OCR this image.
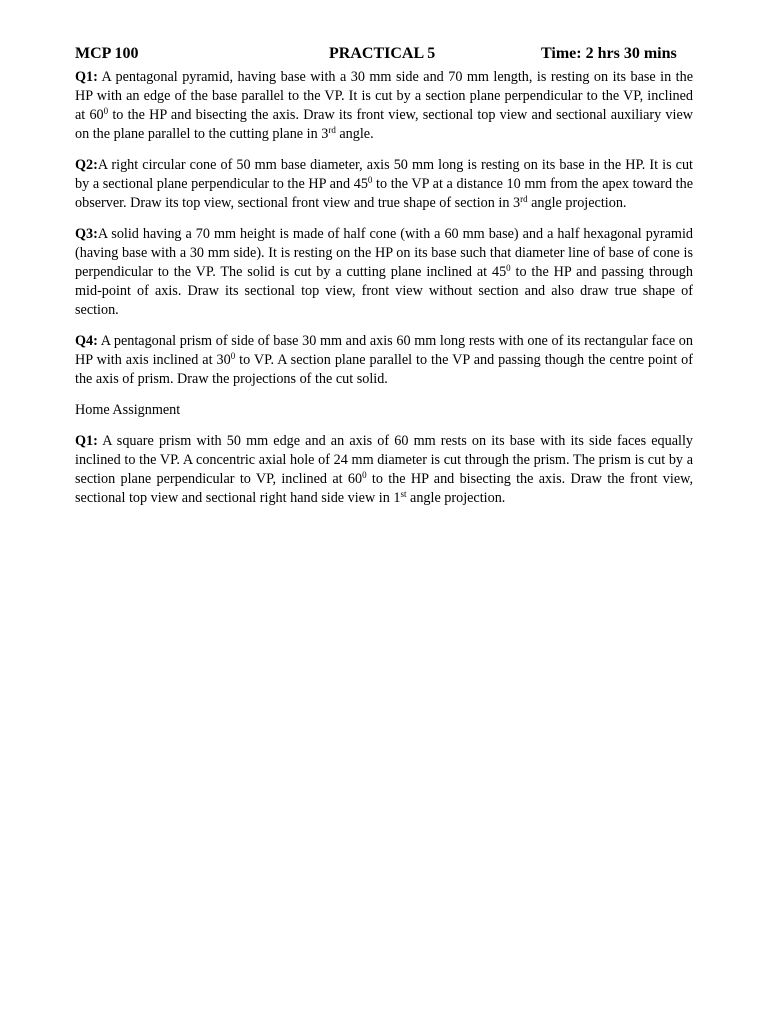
MCP 100	PRACTICAL 5	Time: 2 hrs 30 mins

Q1: A pentagonal pyramid, having base with a 30 mm side and 70 mm length, is resting on its base in the HP with an edge of the base parallel to the VP. It is cut by a section plane perpendicular to the VP, inclined at $60^0$ to the HP and bisecting the axis. Draw its front view, sectional top view and sectional auxiliary view on the plane parallel to the cutting plane in 3rd angle.

Q2:A right circular cone of 50 mm base diameter, axis 50 mm long is resting on its base in the HP. It is cut by a sectional plane perpendicular to the HP and $45^0$ to the VP at a distance 10 mm from the apex toward the observer. Draw its top view, sectional front view and true shape of section in 3rd angle projection.

Q3:A solid having a 70 mm height is made of half cone (with a 60 mm base) and a half hexagonal pyramid (having base with a 30 mm side). It is resting on the HP on its base such that diameter line of base of cone is perpendicular to the VP. The solid is cut by a cutting plane inclined at $45^0$ to the HP and passing through mid-point of axis. Draw its sectional top view, front view without section and also draw true shape of section.

Q4: A pentagonal prism of side of base 30 mm and axis 60 mm long rests with one of its rectangular face on HP with axis inclined at $30^0$ to VP. A section plane parallel to the VP and passing though the centre point of the axis of prism. Draw the projections of the cut solid.

Home Assignment

Q1: A square prism with 50 mm edge and an axis of 60 mm rests on its base with its side faces equally inclined to the VP. A concentric axial hole of 24 mm diameter is cut through the prism. The prism is cut by a section plane perpendicular to VP, inclined at $60^0$ to the HP and bisecting the axis. Draw the front view, sectional top view and sectional right hand side view in 1st angle projection.
